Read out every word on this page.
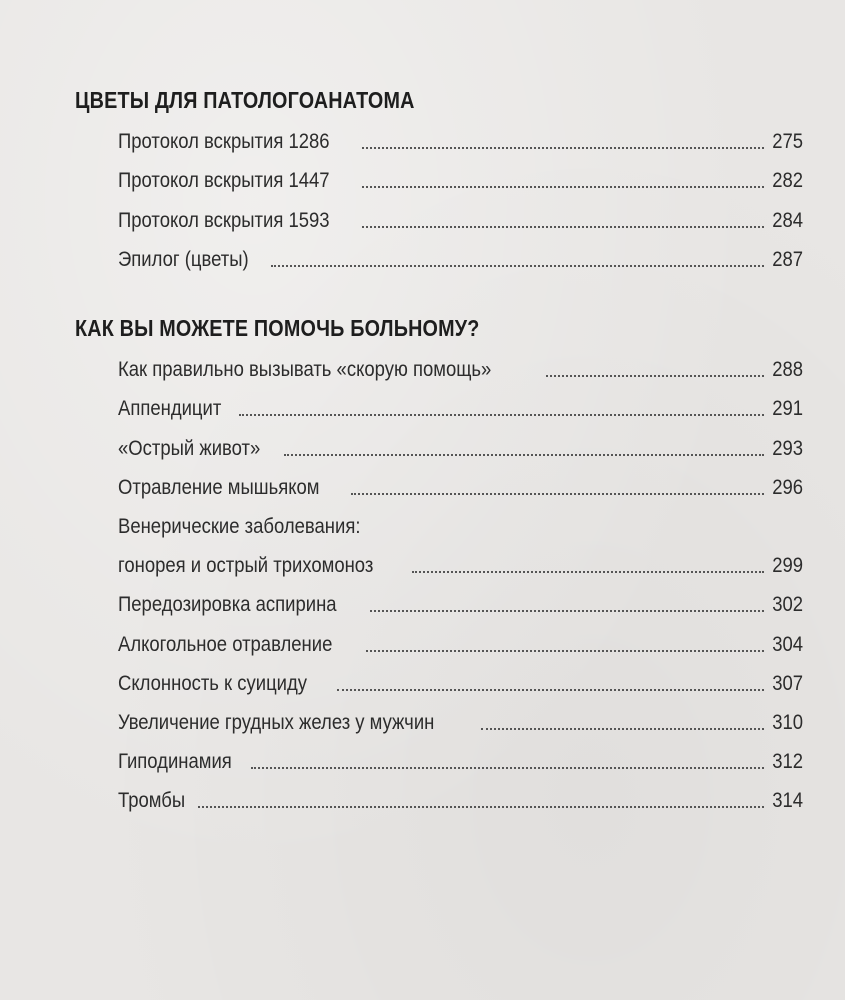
ЦВЕТЫ ДЛЯ ПАТОЛОГОАНАТОМА
Протокол вскрытия 1286	275
Протокол вскрытия 1447	282
Протокол вскрытия 1593	284
Эпилог (цветы)	287
КАК ВЫ МОЖЕТЕ ПОМОЧЬ БОЛЬНОМУ?
Как правильно вызывать «скорую помощь»	288
Аппендицит	291
«Острый живот»	293
Отравление мышьяком	296
Венерические заболевания:
гонорея и острый трихомоноз	299
Передозировка аспирина	302
Алкогольное отравление	304
Склонность к суициду	307
Увеличение грудных желез у мужчин	310
Гиподинамия	312
Тромбы	314
